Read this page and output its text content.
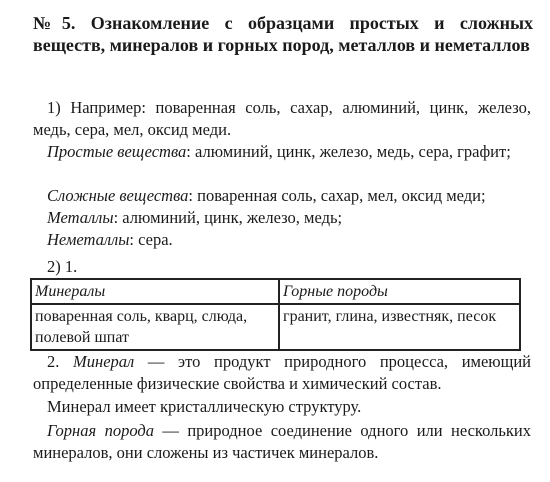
№5. Ознакомление с образцами простых и сложных веществ, минералов и горных пород, металлов и неметаллов

1) Например: поваренная соль, сахар, алюминий, цинк, железо, медь, сера, мел, оксид меди.

Простые вещества: алюминий, цинк, железо, медь, сера, графит;

Сложные вещества: поваренная соль, сахар, мел, оксид меди;

Металлы: алюминий, цинк, железо, медь;

Неметаллы: сера.

2) 1.

Минералы	Горные породы
поваренная соль, кварц, слюда, полевой шпат	гранит, глина, известняк, песок

2. Минерал — это продукт природного процесса, имеющий определенные физические свойства и химический состав.

Минерал имеет кристаллическую структуру.

Горная порода — природное соединение одного или нескольких минералов, они сложены из частичек минералов.
